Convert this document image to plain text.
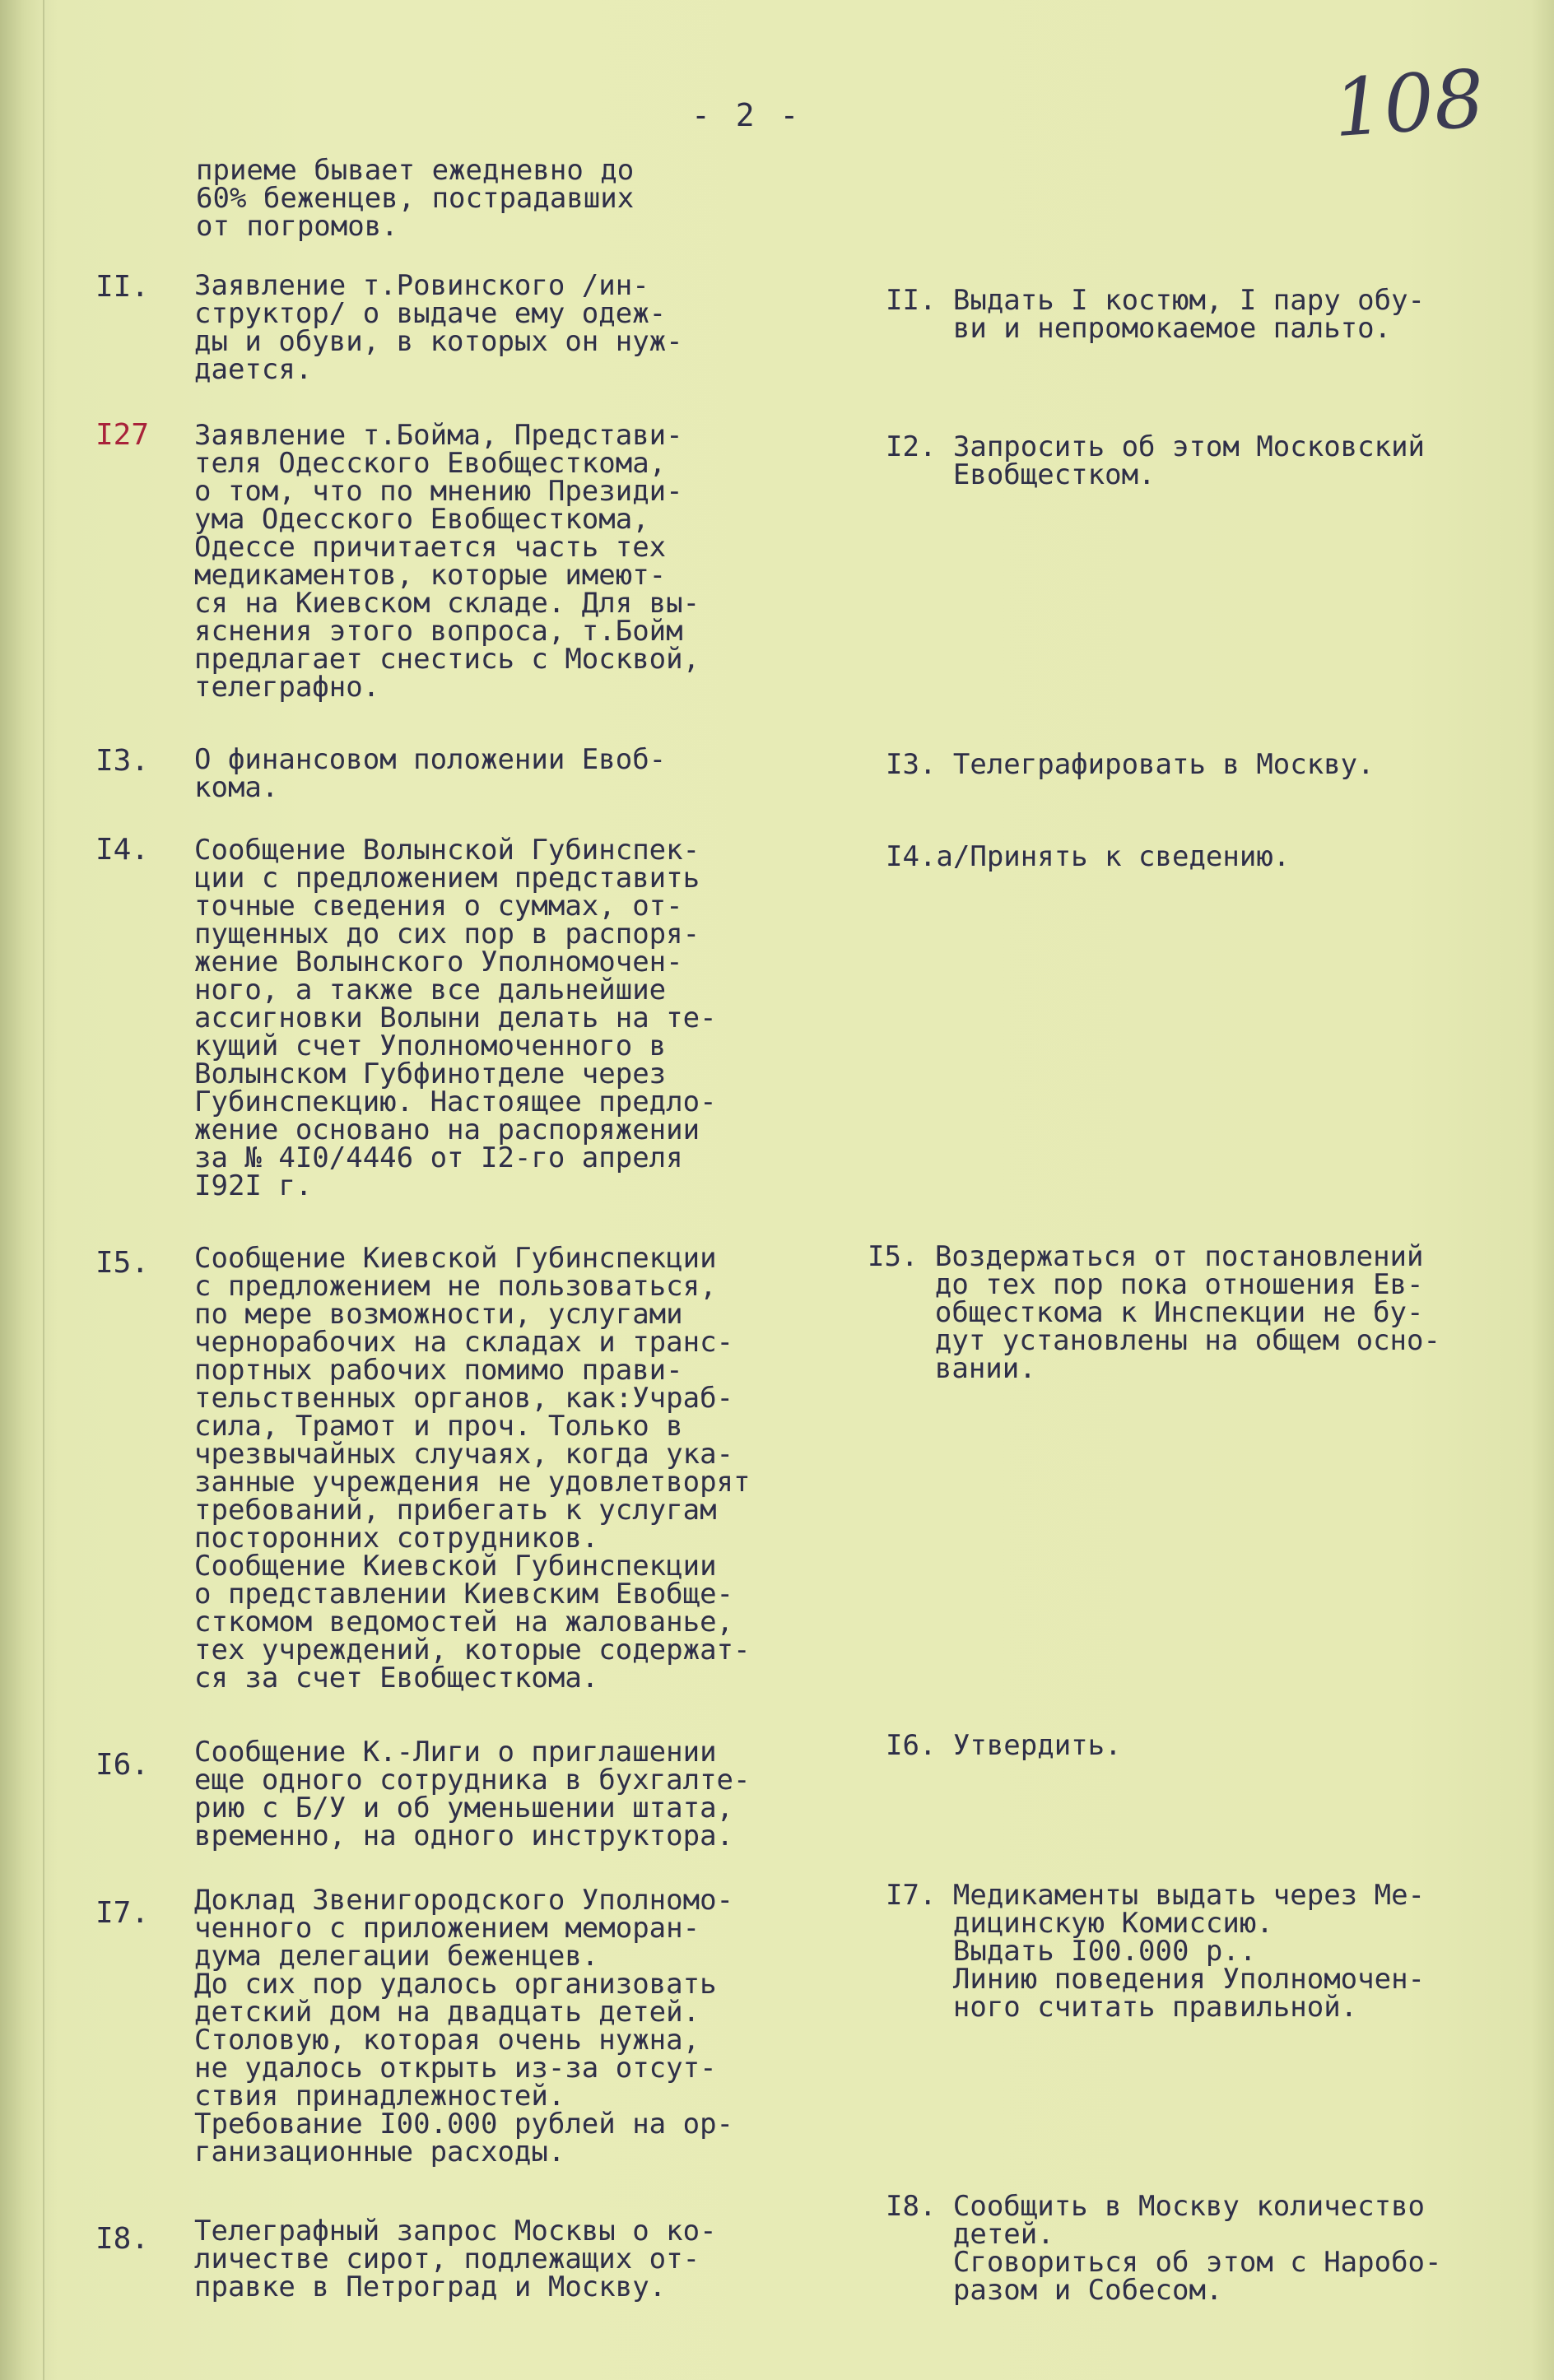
- 2 -	108
приеме бывает ежедневно до
60% беженцев, пострадавших
от погромов.
II. Заявление т.Ровинского /ин-
структор/ о выдаче ему одеж-
ды и обуви, в которых он нуж-
дается.
II. Выдать I костюм, I пару обу-
ви и непромокаемое пальто.
I27 Заявление т.Бойма, Представи-
теля Одесского Евобщесткома,
о том, что по мнению Президи-
ума Одесского Евобщесткома,
Одессе причитается часть тех
медикаментов, которые имеют-
ся на Киевском складе. Для вы-
яснения этого вопроса, т.Бойм
предлагает снестись с Москвой,
телеграфно.
I2. Запросить об этом Московский
Евобщестком.
I3. О финансовом положении Евоб-
кома.
I3. Телеграфировать в Москву.
I4. Сообщение Волынской Губинспек-
ции с предложением представить
точные сведения о суммах, от-
пущенных до сих пор в распоря-
жение Волынского Уполномочен-
ного, а также все дальнейшие
ассигновки Волыни делать на те-
кущий счет Уполномоченного в
Волынском Губфинотделе через
Губинспекцию. Настоящее предло-
жение основано на распоряжении
за № 4I0/4446 от I2-го апреля
I92I г.
I4.а/Принять к сведению.
I5. Сообщение Киевской Губинспекции
с предложением не пользоваться,
по мере возможности, услугами
чернорабочих на складах и транс-
портных рабочих помимо прави-
тельственных органов, как:Учраб-
сила, Трамот и проч. Только в
чрезвычайных случаях, когда ука-
занные учреждения не удовлетворят
требований, прибегать к услугам
посторонних сотрудников.
Сообщение Киевской Губинспекции
о представлении Киевским Евобще-
сткомом ведомостей на жалованье,
тех учреждений, которые содержат-
ся за счет Евобщесткома.
I5. Воздержаться от постановлений
до тех пор пока отношения Ев-
общесткома к Инспекции не бу-
дут установлены на общем осно-
вании.
I6. Сообщение К.-Лиги о приглашении
еще одного сотрудника в бухгалте-
рию с Б/У и об уменьшении штата,
временно, на одного инструктора.
I6. Утвердить.
I7. Доклад Звенигородского Уполномо-
ченного с приложением меморан-
дума делегации беженцев.
До сих пор удалось организовать
детский дом на двадцать детей.
Столовую, которая очень нужна,
не удалось открыть из-за отсут-
ствия принадлежностей.
Требование I00.000 рублей на ор-
ганизационные расходы.
I7. Медикаменты выдать через Ме-
дицинскую Комиссию.
Выдать I00.000 р..
Линию поведения Уполномочен-
ного считать правильной.
I8. Телеграфный запрос Москвы о ко-
личестве сирот, подлежащих от-
правке в Петроград и Москву.
I8. Сообщить в Москву количество
детей.
Сговориться об этом с Наробо-
разом и Собесом.
